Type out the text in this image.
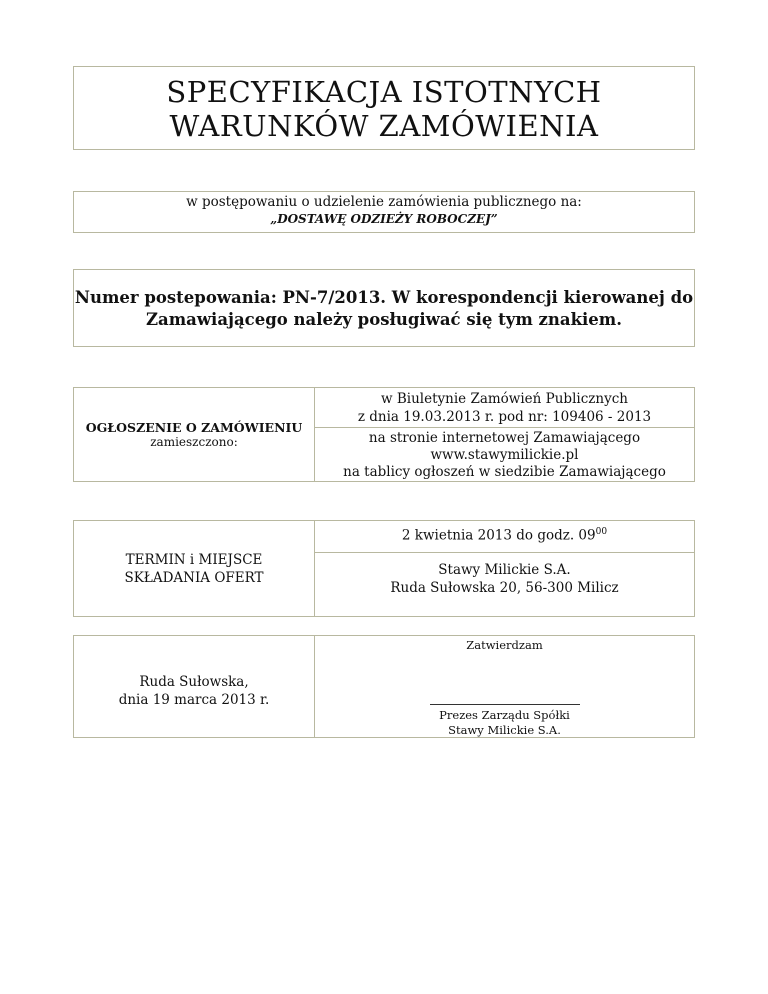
SPECYFIKACJA ISTOTNYCH
WARUNKÓW ZAMÓWIENIA
w postępowaniu o udzielenie zamówienia publicznego na:
„DOSTAWĘ ODZIEŻY ROBOCZEJ”
Numer postepowania: PN-7/2013. W korespondencji kierowanej do
Zamawiającego należy posługiwać się tym znakiem.
OGŁOSZENIE O ZAMÓWIENIU
zamieszczono:
w Biuletynie Zamówień Publicznych
z dnia 19.03.2013 r. pod nr: 109406 - 2013
na stronie internetowej Zamawiającego
www.stawymilickie.pl
na tablicy ogłoszeń w siedzibie Zamawiającego
TERMIN i MIEJSCE
SKŁADANIA OFERT
2 kwietnia 2013 do godz. $09^{00}$
Stawy Milickie S.A.
Ruda Sułowska 20, 56-300 Milicz
Ruda Sułowska,
dnia 19 marca 2013 r.
Zatwierdzam
Prezes Zarządu Spółki
Stawy Milickie S.A.
